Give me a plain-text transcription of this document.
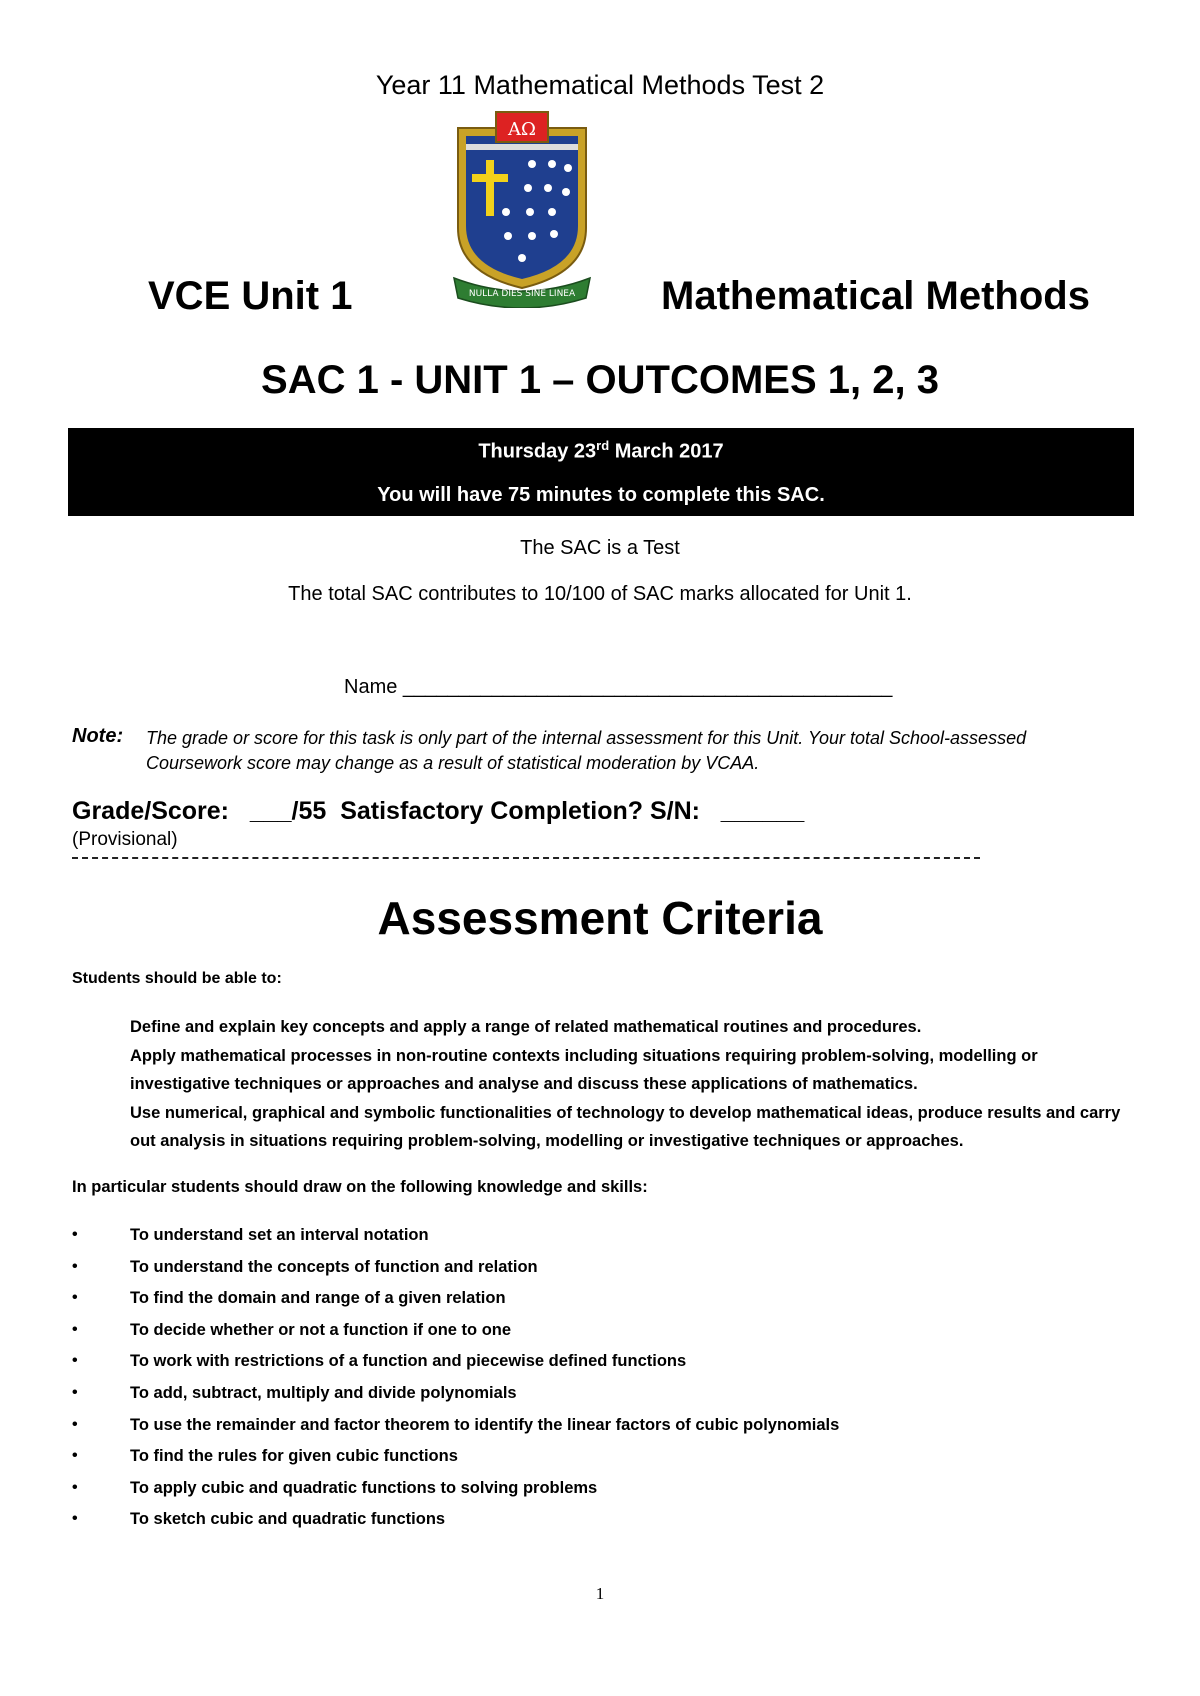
Year 11 Mathematical Methods Test 2
AΩ
NULLA DIES SINE LINEA
VCE Unit 1	Mathematical Methods
SAC 1 - UNIT 1 – OUTCOMES 1, 2, 3
Thursday 23rd March 2017
You will have 75 minutes to complete this SAC.
The SAC is a Test
The total SAC contributes to 10/100 of SAC marks allocated for Unit 1.
Name ____________________________________________
Note: The grade or score for this task is only part of the internal assessment for this Unit. Your total School-assessed Coursework score may change as a result of statistical moderation by VCAA.
Grade/Score:   ___/55  Satisfactory Completion? S/N:   ______
(Provisional)
Assessment Criteria
Students should be able to:

Define and explain key concepts and apply a range of related mathematical routines and procedures.

Apply mathematical processes in non-routine contexts including situations requiring problem-solving, modelling or investigative techniques or approaches and analyse and discuss these applications of mathematics.

Use numerical, graphical and symbolic functionalities of technology to develop mathematical ideas, produce results and carry out analysis in situations requiring problem-solving, modelling or investigative techniques or approaches.

In particular students should draw on the following knowledge and skills:
•	To understand set an interval notation
•	To understand the concepts of function and relation
•	To find the domain and range of a given relation
•	To decide whether or not a function if one to one
•	To work with restrictions of a function and piecewise defined functions
•	To add, subtract, multiply and divide polynomials
•	To use the remainder and factor theorem to identify the linear factors of cubic polynomials
•	To find the rules for given cubic functions
•	To apply cubic and quadratic functions to solving problems
•	To sketch cubic and quadratic functions
1
